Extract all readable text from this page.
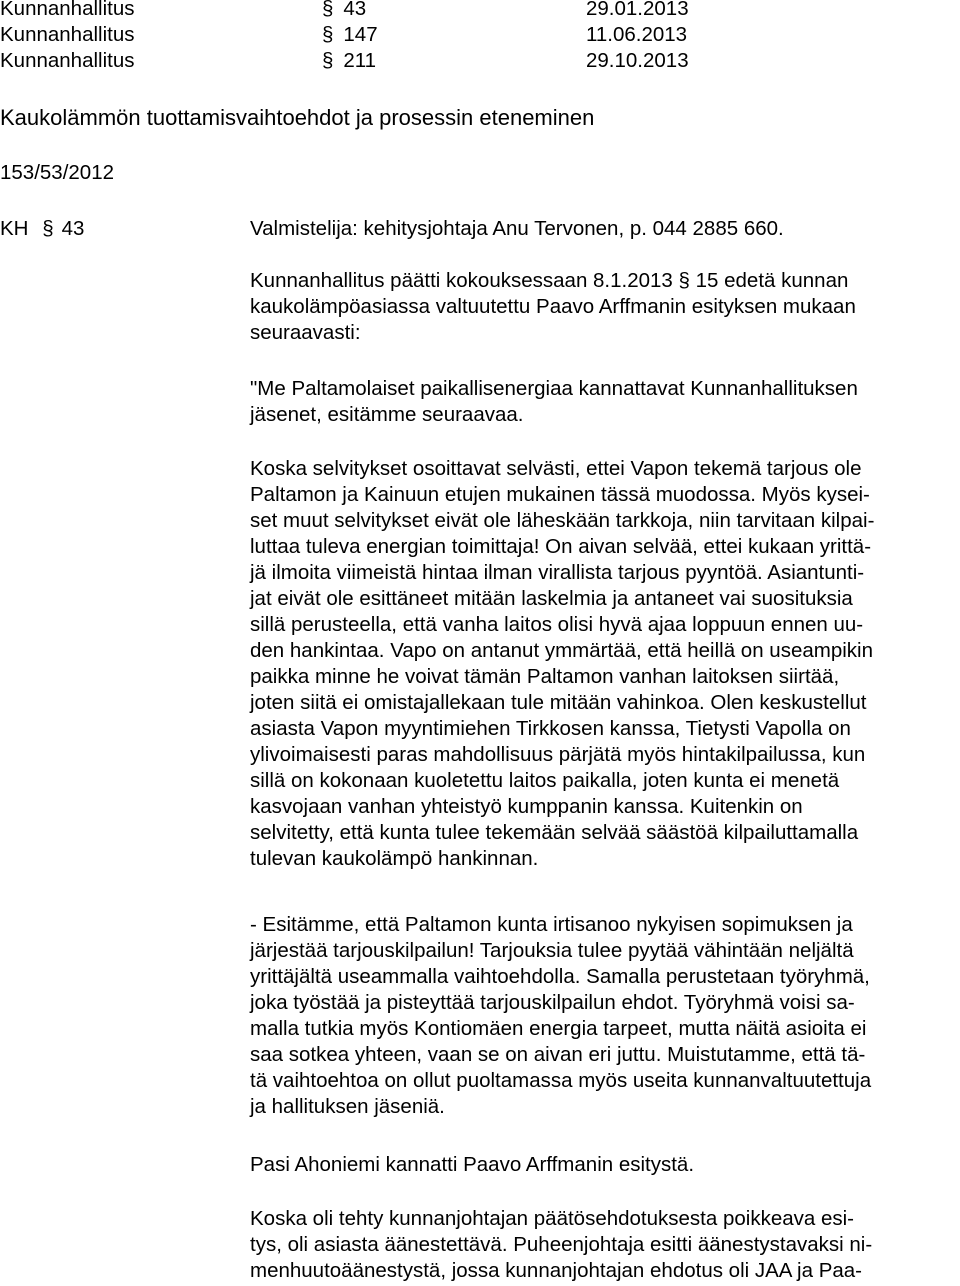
Kunnanhallitus	§ 43	29.01.2013
Kunnanhallitus	§ 147	11.06.2013
Kunnanhallitus	§ 211	29.10.2013
Kaukolämmön tuottamisvaihtoehdot ja prosessin eteneminen
153/53/2012
KH § 43	Valmistelija: kehitysjohtaja Anu Tervonen, p. 044 2885 660.
Kunnanhallitus päätti kokouksessaan 8.1.2013 § 15 edetä kunnan
kaukolämpöasiassa valtuutettu Paavo Arffmanin esityksen mukaan
seuraavasti:
"Me Paltamolaiset paikallisenergiaa kannattavat Kunnanhallituksen
jäsenet, esitämme seuraavaa.
Koska selvitykset osoittavat selvästi, ettei Vapon tekemä tarjous ole
Paltamon ja Kainuun etujen mukainen tässä muodossa. Myös kysei-
set muut selvitykset eivät ole läheskään tarkkoja, niin tarvitaan kilpai-
luttaa tuleva energian toimittaja! On aivan selvää, ettei kukaan yrittä-
jä ilmoita viimeistä hintaa ilman virallista tarjous pyyntöä. Asiantunti-
jat eivät ole esittäneet mitään laskelmia ja antaneet vai suosituksia
sillä perusteella, että vanha laitos olisi hyvä ajaa loppuun ennen uu-
den hankintaa. Vapo on antanut ymmärtää, että heillä on useampikin
paikka minne he voivat tämän Paltamon vanhan laitoksen siirtää,
joten siitä ei omistajallekaan tule mitään vahinkoa. Olen keskustellut
asiasta Vapon myyntimiehen Tirkkosen kanssa, Tietysti Vapolla on
ylivoimaisesti paras mahdollisuus pärjätä myös hintakilpailussa, kun
sillä on kokonaan kuoletettu laitos paikalla, joten kunta ei menetä
kasvojaan vanhan yhteistyö kumppanin kanssa. Kuitenkin on
selvitetty, että kunta tulee tekemään selvää säästöä kilpailuttamalla
tulevan kaukolämpö hankinnan.
- Esitämme, että Paltamon kunta irtisanoo nykyisen sopimuksen ja
järjestää tarjouskilpailun! Tarjouksia tulee pyytää vähintään neljältä
yrittäjältä useammalla vaihtoehdolla. Samalla perustetaan työryhmä,
joka työstää ja pisteyttää tarjouskilpailun ehdot. Työryhmä voisi sa-
malla tutkia myös Kontiomäen energia tarpeet, mutta näitä asioita ei
saa sotkea yhteen, vaan se on aivan eri juttu. Muistutamme, että tä-
tä vaihtoehtoa on ollut puoltamassa myös useita kunnanvaltuutettuja
ja hallituksen jäseniä.
Pasi Ahoniemi kannatti Paavo Arffmanin esitystä.
Koska oli tehty kunnanjohtajan päätösehdotuksesta poikkeava esi-
tys, oli asiasta äänestettävä. Puheenjohtaja esitti äänestystavaksi ni-
menhuutoäänestystä, jossa kunnanjohtajan ehdotus oli JAA ja Paa-
